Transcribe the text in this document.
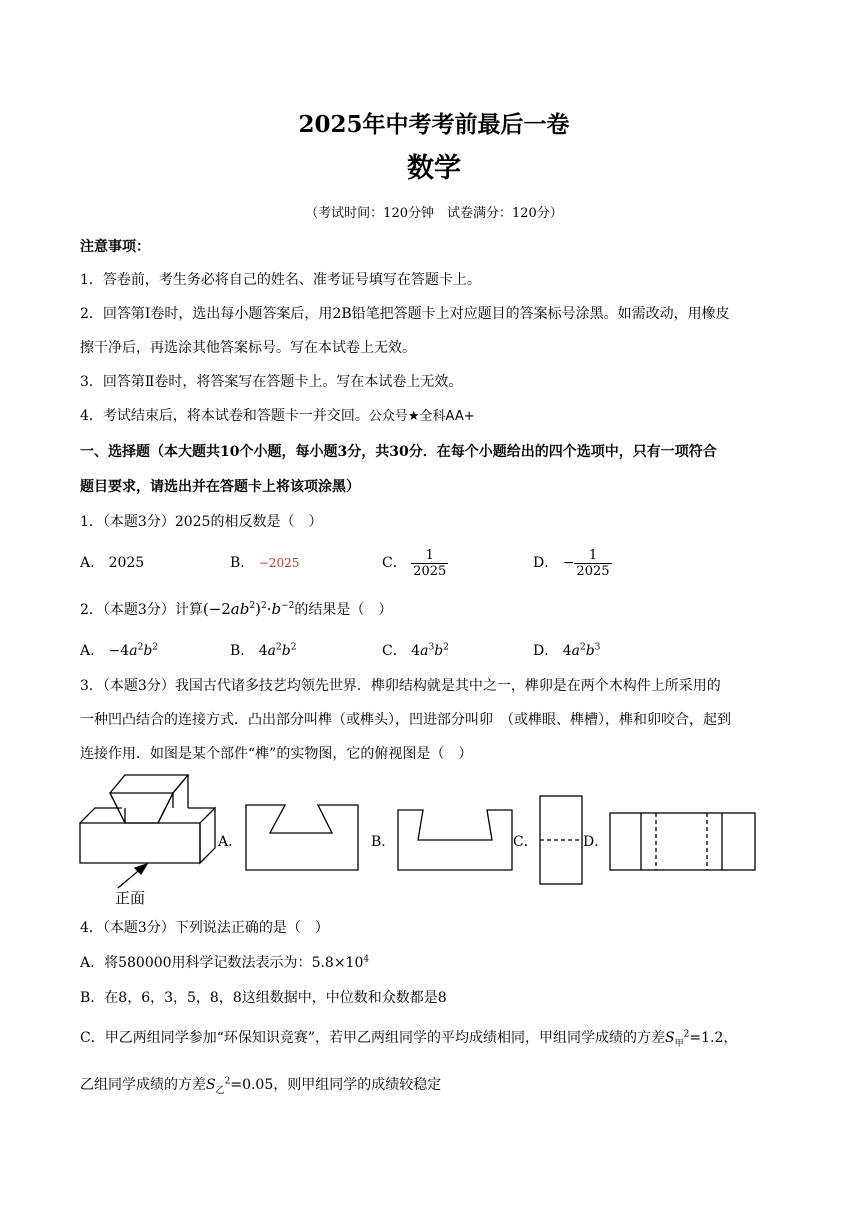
2025年中考考前最后一卷
数学
（考试时间：120分钟　试卷满分：120分）
注意事项：
1．答卷前，考生务必将自己的姓名、准考证号填写在答题卡上。
2．回答第Ⅰ卷时，选出每小题答案后，用2B铅笔把答题卡上对应题目的答案标号涂黑。如需改动，用橡皮
擦干净后，再选涂其他答案标号。写在本试卷上无效。
3．回答第Ⅱ卷时，将答案写在答题卡上。写在本试卷上无效。
4．考试结束后，将本试卷和答题卡一并交回。公众号★全科AA+
一、选择题（本大题共10个小题，每小题3分，共30分．在每个小题给出的四个选项中，只有一项符合
题目要求，请选出并在答题卡上将该项涂黑）
1．（本题3分）2025的相反数是（　）
A． 2025	B． −2025	C． $\frac{1}{2025}$	D． − $\frac{1}{2025}$
2．（本题3分）计算$(-2ab^2)^2\cdot b^{-2}$的结果是（　）
A． $-4a^2b^2$	B． $4a^2b^2$	C． $4a^3b^2$	D． $4a^2b^3$
3．（本题3分）我国古代诸多技艺均领先世界．榫卯结构就是其中之一，榫卯是在两个木构件上所采用的
一种凹凸结合的连接方式．凸出部分叫榫（或榫头），凹进部分叫卯　（或榫眼、榫槽），榫和卯咬合，起到
连接作用．如图是某个部件“榫”的实物图，它的俯视图是（　）
A．	B．	C．	D．
正面
4．（本题3分）下列说法正确的是（　）
A．将580000用科学记数法表示为：$5.8\times 10^4$
B．在8，6，3，5，8，8这组数据中，中位数和众数都是8
C．甲乙两组同学参加“环保知识竞赛”，若甲乙两组同学的平均成绩相同，甲组同学成绩的方差$S_甲^2=1.2$，
乙组同学成绩的方差$S_乙^2=0.05$，则甲组同学的成绩较稳定
